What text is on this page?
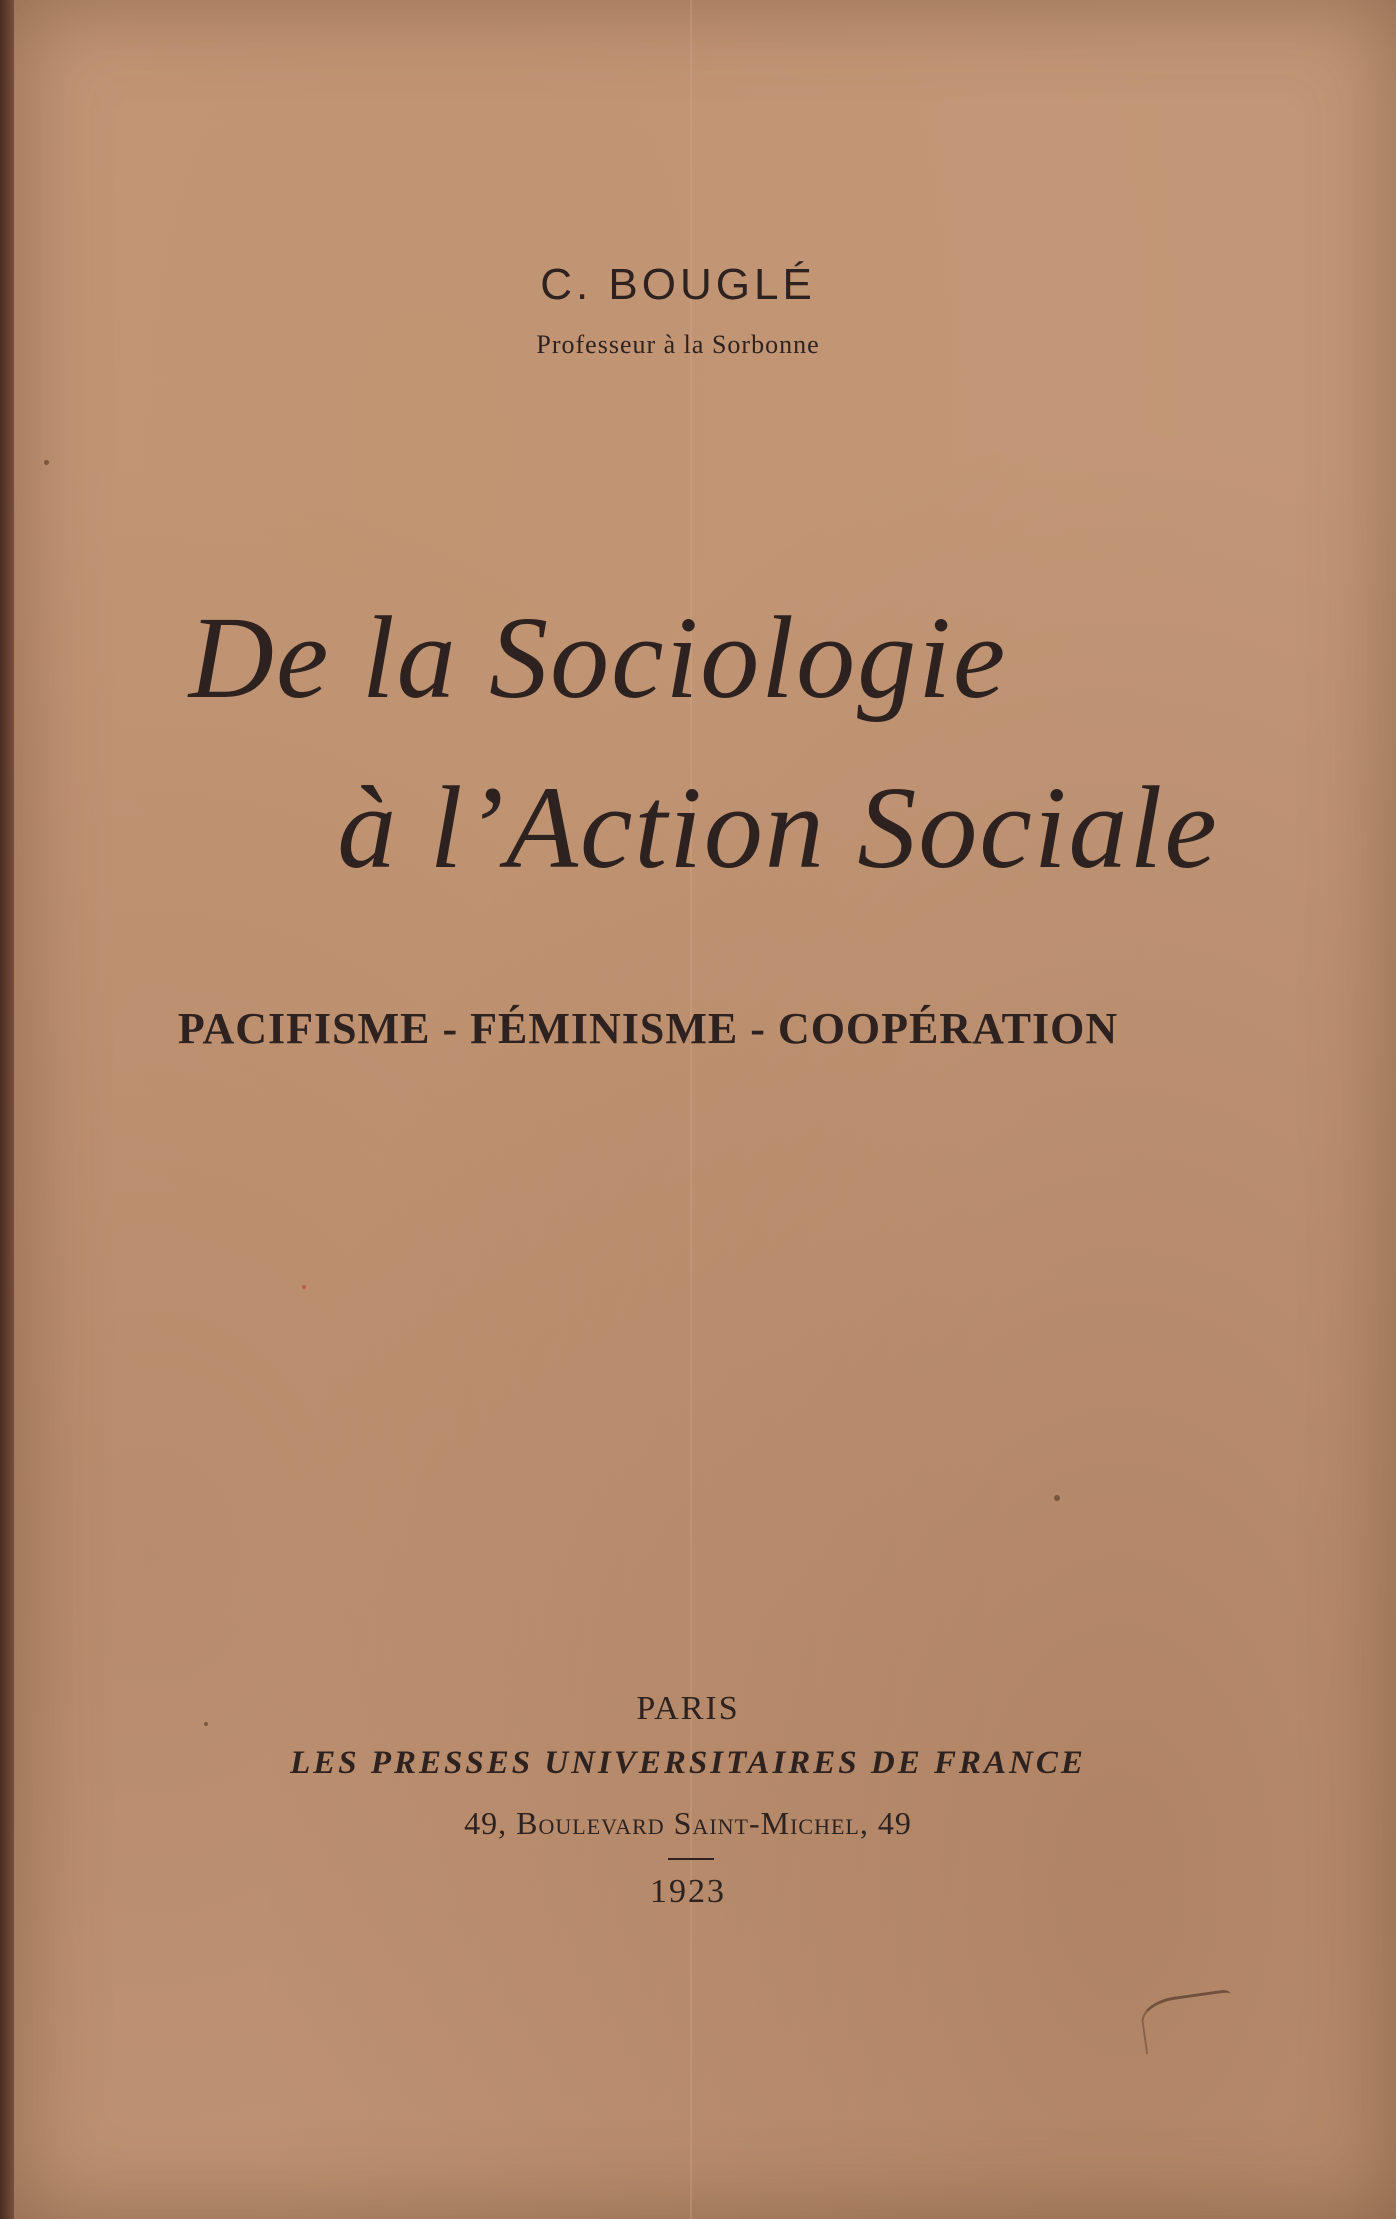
C. BOUGLÉ
Professeur à la Sorbonne
De la Sociologie
à l’Action Sociale
PACIFISME - FÉMINISME - COOPÉRATION
PARIS
LES PRESSES UNIVERSITAIRES DE FRANCE
49, Boulevard Saint-Michel, 49
1923
